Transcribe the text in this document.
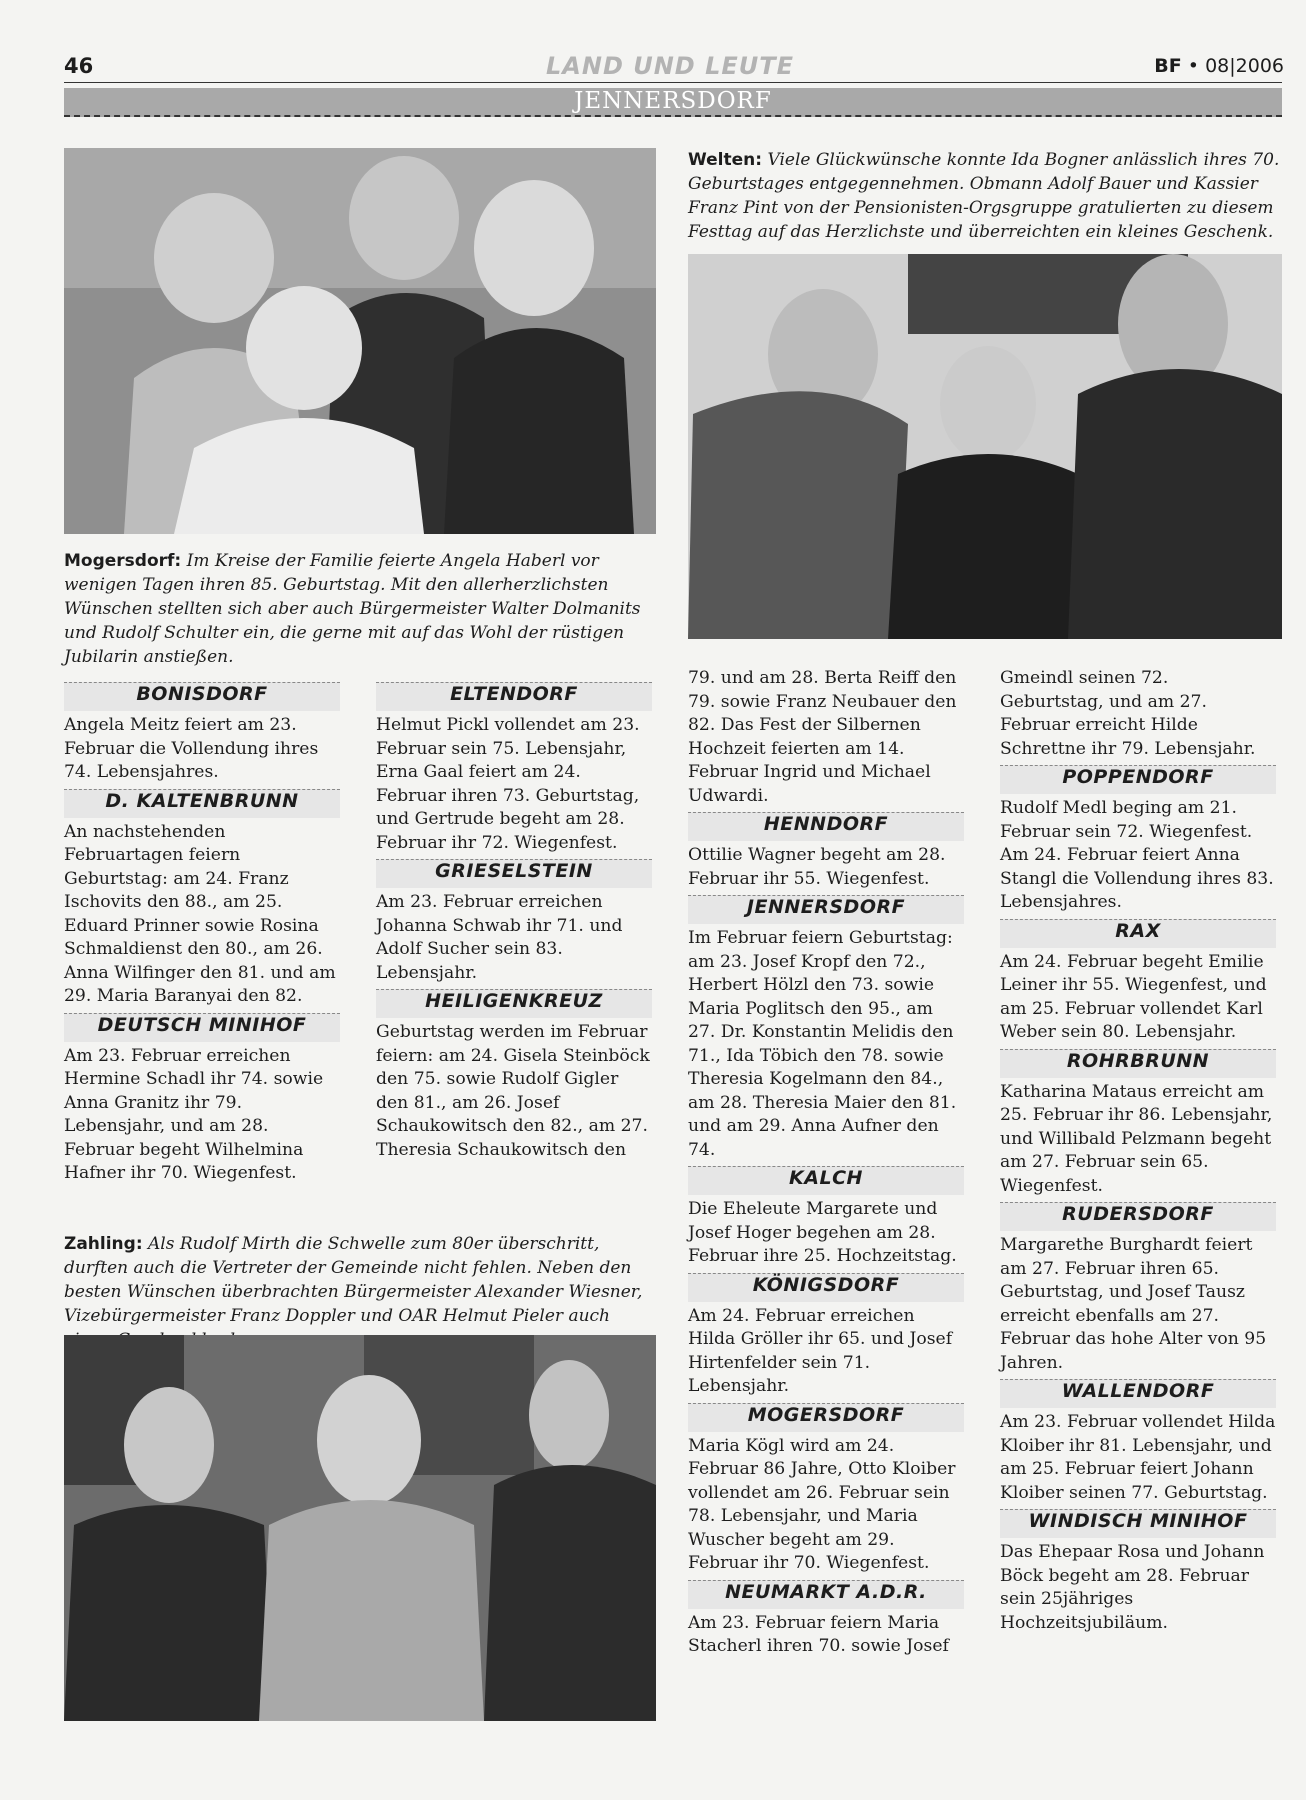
46	LAND UND LEUTE	BF • 08|2006
JENNERSDORF
Mogersdorf: Im Kreise der Familie feierte Angela Haberl vor wenigen Tagen ihren 85. Geburtstag. Mit den allerherzlichsten Wünschen stellten sich aber auch Bürgermeister Walter Dolmanits und Rudolf Schulter ein, die gerne mit auf das Wohl der rüstigen Jubilarin anstießen.
Welten: Viele Glückwünsche konnte Ida Bogner anlässlich ihres 70. Geburtstages entgegennehmen. Obmann Adolf Bauer und Kassier Franz Pint von der Pensionisten-Orgsgruppe gratulierten zu diesem Festtag auf das Herzlichste und überreichten ein kleines Geschenk.
BONISDORF

Angela Meitz feiert am 23. Februar die Vollendung ihres 74. Lebensjahres.

D. KALTENBRUNN

An nachstehenden Februartagen feiern Geburtstag: am 24. Franz Ischovits den 88., am 25. Eduard Prinner sowie Rosina Schmaldienst den 80., am 26. Anna Wilfinger den 81. und am 29. Maria Baranyai den 82.

DEUTSCH MINIHOF

Am 23. Februar erreichen Hermine Schadl ihr 74. sowie Anna Granitz ihr 79. Lebensjahr, und am 28. Februar begeht Wilhelmina Hafner ihr 70. Wiegenfest.

ELTENDORF

Helmut Pickl vollendet am 23. Februar sein 75. Lebensjahr, Erna Gaal feiert am 24. Februar ihren 73. Geburtstag, und Gertrude begeht am 28. Februar ihr 72. Wiegenfest.

GRIESELSTEIN

Am 23. Februar erreichen Johanna Schwab ihr 71. und Adolf Sucher sein 83. Lebensjahr.

HEILIGENKREUZ

Geburtstag werden im Februar feiern: am 24. Gisela Steinböck den 75. sowie Rudolf Gigler den 81., am 26. Josef Schaukowitsch den 82., am 27. Theresia Schaukowitsch den

Zahling: Als Rudolf Mirth die Schwelle zum 80er überschritt, durften auch die Vertreter der Gemeinde nicht fehlen. Neben den besten Wünschen überbrachten Bürgermeister Alexander Wiesner, Vizebürgermeister Franz Doppler und OAR Helmut Pieler auch

79. und am 28. Berta Reiff den 79. sowie Franz Neubauer den 82. Das Fest der Silbernen Hochzeit feierten am 14. Februar Ingrid und Michael Udwardi.

HENNDORF

Ottilie Wagner begeht am 28. Februar ihr 55. Wiegenfest.

JENNERSDORF

Im Februar feiern Geburtstag: am 23. Josef Kropf den 72., Herbert Hölzl den 73. sowie Maria Poglitsch den 95., am 27. Dr. Konstantin Melidis den 71., Ida Töbich den 78. sowie Theresia Kogelmann den 84., am 28. Theresia Maier den 81. und am 29. Anna Aufner den 74.

KALCH

Die Eheleute Margarete und Josef Hoger begehen am 28. Februar ihre 25. Hochzeitstag.

KÖNIGSDORF

Am 24. Februar erreichen Hilda Gröller ihr 65. und Josef Hirtenfelder sein 71. Lebensjahr.

MOGERSDORF

Maria Kögl wird am 24. Februar 86 Jahre, Otto Kloiber vollendet am 26. Februar sein 78. Lebensjahr, und Maria Wuscher begeht am 29. Februar ihr 70. Wiegenfest.

NEUMARKT A.D.R.

Am 23. Februar feiern Maria Stacherl ihren 70. sowie Josef

Gmeindl seinen 72. Geburtstag, und am 27. Februar erreicht Hilde Schrettne ihr 79. Lebensjahr.

POPPENDORF

Rudolf Medl beging am 21. Februar sein 72. Wiegenfest. Am 24. Februar feiert Anna Stangl die Vollendung ihres 83. Lebensjahres.

RAX

Am 24. Februar begeht Emilie Leiner ihr 55. Wiegenfest, und am 25. Februar vollendet Karl Weber sein 80. Lebensjahr.

ROHRBRUNN

Katharina Mataus erreicht am 25. Februar ihr 86. Lebensjahr, und Willibald Pelzmann begeht am 27. Februar sein 65. Wiegenfest.

RUDERSDORF

Margarethe Burghardt feiert am 27. Februar ihren 65. Geburtstag, und Josef Tausz erreicht ebenfalls am 27. Februar das hohe Alter von 95 Jahren.

WALLENDORF

Am 23. Februar vollendet Hilda Kloiber ihr 81. Lebensjahr, und am 25. Februar feiert Johann Kloiber seinen 77. Geburtstag.

WINDISCH MINIHOF

Das Ehepaar Rosa und Johann Böck begeht am 28. Februar sein 25jähriges Hochzeitsjubiläum.
